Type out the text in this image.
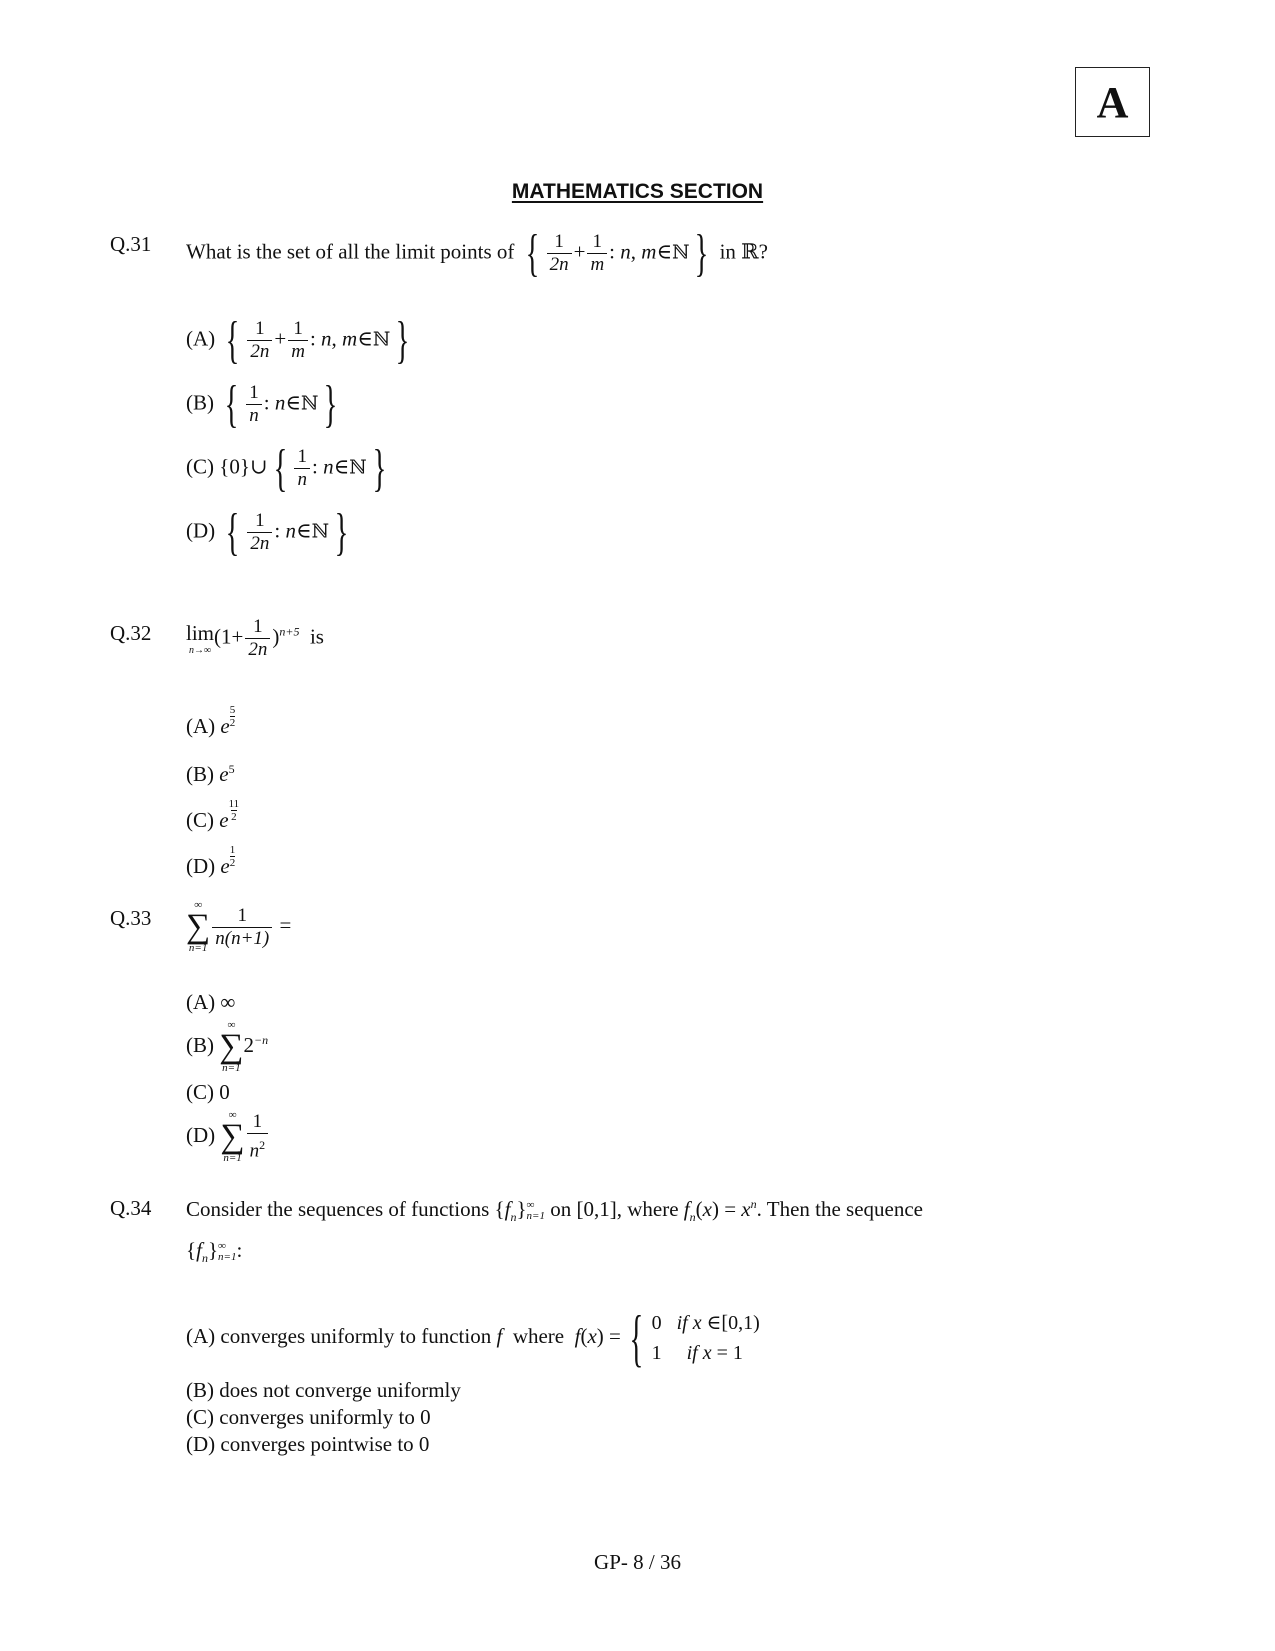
A
MATHEMATICS SECTION
Q.31 What is the set of all the limit points of { $\frac{1}{2n} + \frac{1}{m}$ : n, m∈ℕ } in ℝ?
(A) { $\frac{1}{2n} + \frac{1}{m}$ : n, m∈ℕ }
(B) { $\frac{1}{n}$ : n∈ℕ }
(C) {0}∪ { $\frac{1}{n}$ : n∈ℕ }
(D) { $\frac{1}{2n}$ : n∈ℕ }
Q.32 lim
n→∞
$(1+ \frac{1}{2n} )^{n+5}$ is
(A) e $\frac{5}{2}$
(B) $e^5$
(C) e $\frac{11}{2}$
(D) e $\frac{1}{2}$
Q.33
∞
∑
$n=1 \frac{1}{n(n+1)}$ =
(A) ∞
(B)
∞
∑
n=1
$2^{-n}$
(C) 0
(D)
∞
∑
$n=1 \frac{1}{n^2}$
Q.34 Consider the sequences of functions $\{f_n\}$ ∞
n=1 on [0,1], where $f_n(x) = x^n$. Then the sequence
$\{f_n\}$ ∞
n=1 :
(A) converges uniformly to function f where f(x) = { 0   if x ∈[0,1)
1     if x = 1
(B) does not converge uniformly
(C) converges uniformly to 0
(D) converges pointwise to 0
GP- 8 / 36
